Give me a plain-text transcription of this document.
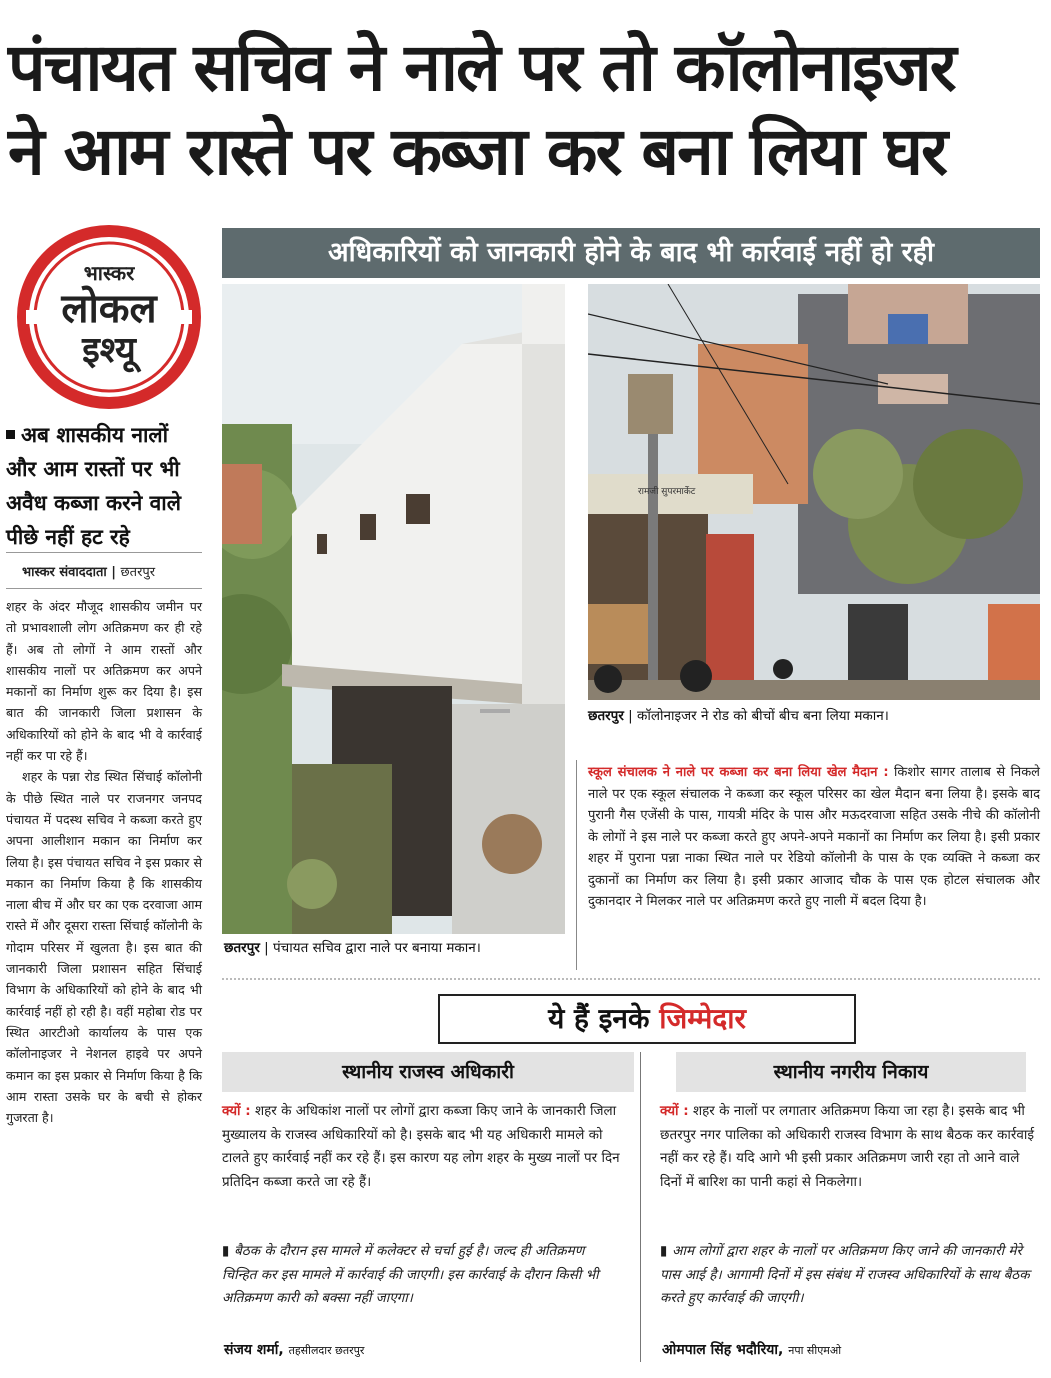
पंचायत सचिव ने नाले पर तो कॉलोनाइजर
ने आम रास्ते पर कब्जा कर बना लिया घर
भास्कर
लोकल
इश्यू
अब शासकीय नालों और आम रास्तों पर भी अवैध कब्जा करने वाले पीछे नहीं हट रहे
भास्कर संवाददाता | छतरपुर

शहर के अंदर मौजूद शासकीय जमीन पर तो प्रभावशाली लोग अतिक्रमण कर ही रहे हैं। अब तो लोगों ने आम रास्तों और शासकीय नालों पर अतिक्रमण कर अपने मकानों का निर्माण शुरू कर दिया है। इस बात की जानकारी जिला प्रशासन के अधिकारियों को होने के बाद भी वे कार्रवाई नहीं कर पा रहे हैं।

शहर के पन्ना रोड स्थित सिंचाई कॉलोनी के पीछे स्थित नाले पर राजनगर जनपद पंचायत में पदस्थ सचिव ने कब्जा करते हुए अपना आलीशान मकान का निर्माण कर लिया है। इस पंचायत सचिव ने इस प्रकार से मकान का निर्माण किया है कि शासकीय नाला बीच में और घर का एक दरवाजा आम रास्ते में और दूसरा रास्ता सिंचाई कॉलोनी के गोदाम परिसर में खुलता है। इस बात की जानकारी जिला प्रशासन सहित सिंचाई विभाग के अधिकारियों को होने के बाद भी कार्रवाई नहीं हो रही है। वहीं महोबा रोड पर स्थित आरटीओ कार्यालय के पास एक कॉलोनाइजर ने नेशनल हाइवे पर अपने कमान का इस प्रकार से निर्माण किया है कि आम रास्ता उसके घर के बची से होकर गुजरता है।

अधिकारियों को जानकारी होने के बाद भी कार्रवाई नहीं हो रही
छतरपुर | पंचायत सचिव द्वारा नाले पर बनाया मकान।
रामजी सुपरमार्केट
छतरपुर | कॉलोनाइजर ने रोड को बीचों बीच बना लिया मकान।
स्कूल संचालक ने नाले पर कब्जा कर बना लिया खेल मैदान : किशोर सागर तालाब से निकले नाले पर एक स्कूल संचालक ने कब्जा कर स्कूल परिसर का खेल मैदान बना लिया है। इसके बाद पुरानी गैस एजेंसी के पास, गायत्री मंदिर के पास और मऊदरवाजा सहित उसके नीचे की कॉलोनी के लोगों ने इस नाले पर कब्जा करते हुए अपने-अपने मकानों का निर्माण कर लिया है। इसी प्रकार शहर में पुराना पन्ना नाका स्थित नाले पर रेडियो कॉलोनी के पास के एक व्यक्ति ने कब्जा कर दुकानों का निर्माण कर लिया है। इसी प्रकार आजाद चौक के पास एक होटल संचालक और दुकानदार ने मिलकर नाले पर अतिक्रमण करते हुए नाली में बदल दिया है।
ये हैं इनके जिम्मेदार
स्थानीय राजस्व अधिकारी	स्थानीय नगरीय निकाय
क्यों : शहर के अधिकांश नालों पर लोगों द्वारा कब्जा किए जाने के जानकारी जिला मुख्यालय के राजस्व अधिकारियों को है। इसके बाद भी यह अधिकारी मामले को टालते हुए कार्रवाई नहीं कर रहे हैं। इस कारण यह लोग शहर के मुख्य नालों पर दिन प्रतिदिन कब्जा करते जा रहे हैं।
क्यों : शहर के नालों पर लगातार अतिक्रमण किया जा रहा है। इसके बाद भी छतरपुर नगर पालिका को अधिकारी राजस्व विभाग के साथ बैठक कर कार्रवाई नहीं कर रहे हैं। यदि आगे भी इसी प्रकार अतिक्रमण जारी रहा तो आने वाले दिनों में बारिश का पानी कहां से निकलेगा।
▮ बैठक के दौरान इस मामले में कलेक्टर से चर्चा हुई है। जल्द ही अतिक्रमण चिन्हित कर इस मामले में कार्रवाई की जाएगी। इस कार्रवाई के दौरान किसी भी अतिक्रमण कारी को बक्सा नहीं जाएगा।
▮ आम लोगों द्वारा शहर के नालों पर अतिक्रमण किए जाने की जानकारी मेरे पास आई है। आगामी दिनों में इस संबंध में राजस्व अधिकारियों के साथ बैठक करते हुए कार्रवाई की जाएगी।
संजय शर्मा, तहसीलदार छतरपुर	ओमपाल सिंह भदौरिया, नपा सीएमओ
